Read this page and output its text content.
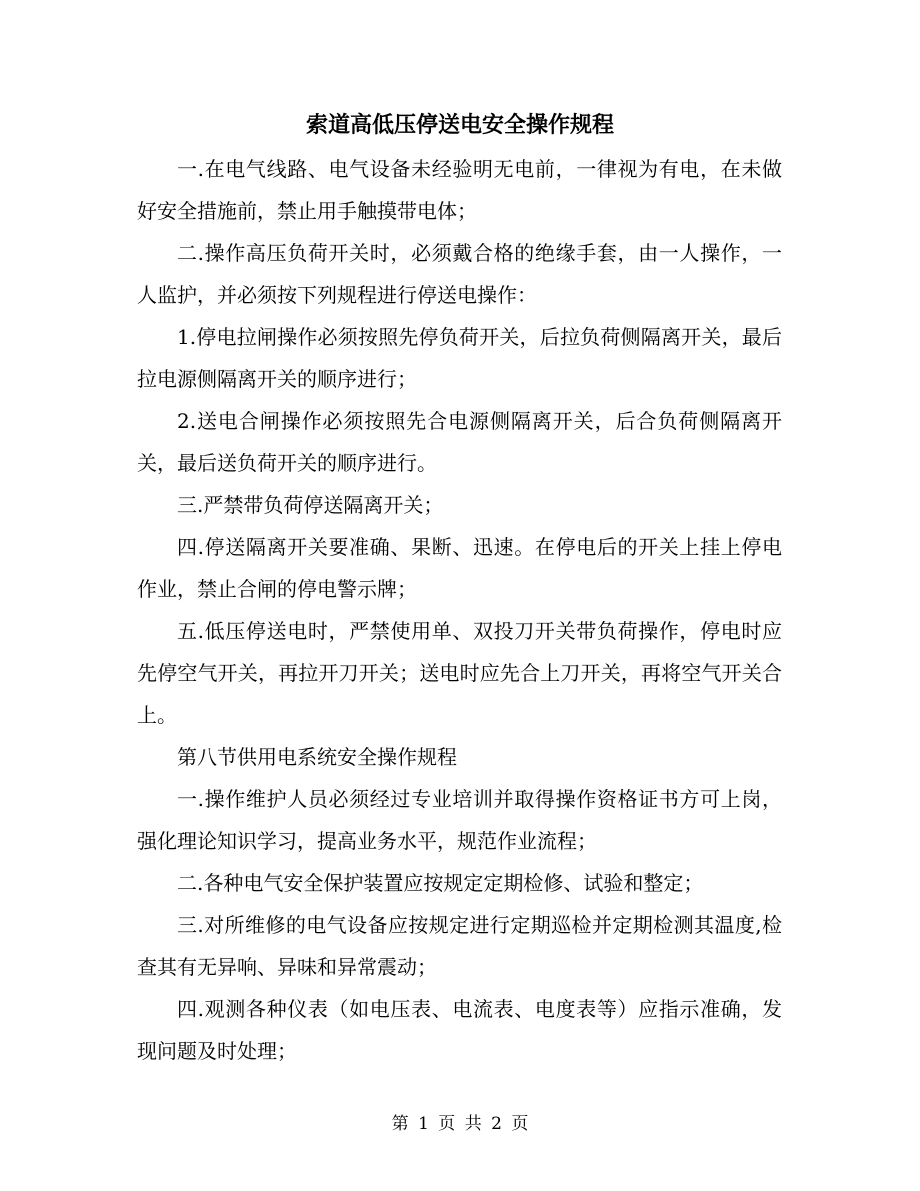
索道高低压停送电安全操作规程

一.在电气线路、电气设备未经验明无电前，一律视为有电，在未做好安全措施前，禁止用手触摸带电体；

二.操作高压负荷开关时，必须戴合格的绝缘手套，由一人操作，一人监护，并必须按下列规程进行停送电操作：

1.停电拉闸操作必须按照先停负荷开关，后拉负荷侧隔离开关，最后拉电源侧隔离开关的顺序进行；

2.送电合闸操作必须按照先合电源侧隔离开关，后合负荷侧隔离开关，最后送负荷开关的顺序进行。

三.严禁带负荷停送隔离开关；

四.停送隔离开关要准确、果断、迅速。在停电后的开关上挂上停电作业，禁止合闸的停电警示牌；

五.低压停送电时，严禁使用单、双投刀开关带负荷操作，停电时应先停空气开关，再拉开刀开关；送电时应先合上刀开关，再将空气开关合上。

第八节供用电系统安全操作规程

一.操作维护人员必须经过专业培训并取得操作资格证书方可上岗，强化理论知识学习，提高业务水平，规范作业流程；

二.各种电气安全保护装置应按规定定期检修、试验和整定；

三.对所维修的电气设备应按规定进行定期巡检并定期检测其温度,检查其有无异响、异味和异常震动；

四.观测各种仪表（如电压表、电流表、电度表等）应指示准确，发现问题及时处理；

第 1 页 共 2 页
